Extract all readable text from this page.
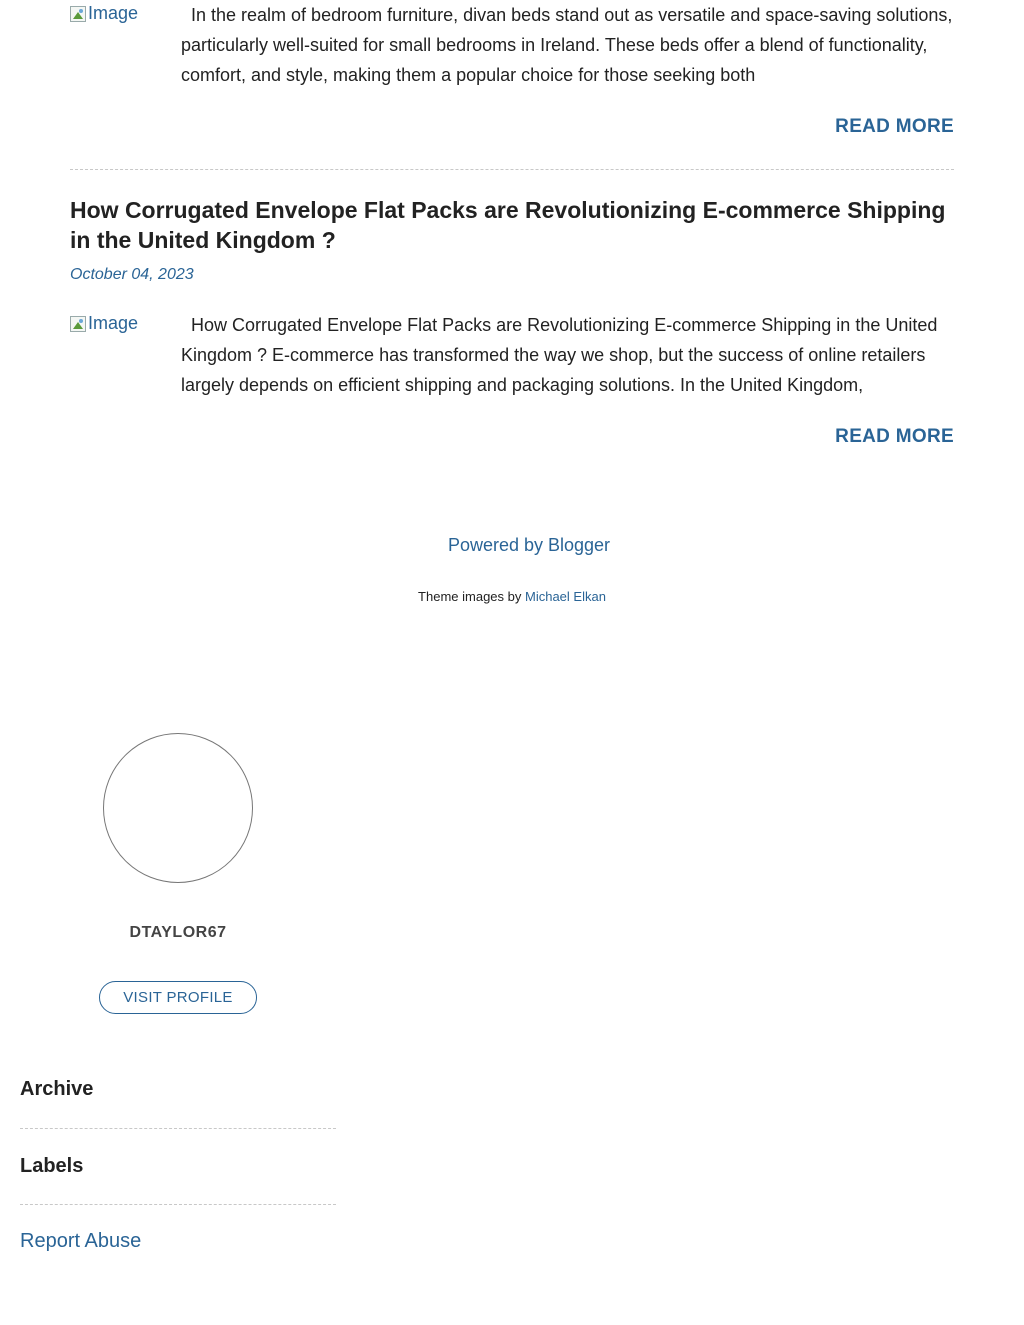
Image	In the realm of bedroom furniture, divan beds stand out as versatile and space-saving solutions, particularly well-suited for small bedrooms in Ireland. These beds offer a blend of functionality, comfort, and style, making them a popular choice for those seeking both

READ MORE
How Corrugated Envelope Flat Packs are Revolutionizing E-commerce Shipping in the United Kingdom ?
October 04, 2023
Image	How Corrugated Envelope Flat Packs are Revolutionizing E-commerce Shipping in the United Kingdom ? E-commerce has transformed the way we shop, but the success of online retailers largely depends on efficient shipping and packaging solutions. In the United Kingdom,

READ MORE
Powered by Blogger
Theme images by Michael Elkan
DTAYLOR67
VISIT PROFILE
Archive
Labels
Report Abuse
